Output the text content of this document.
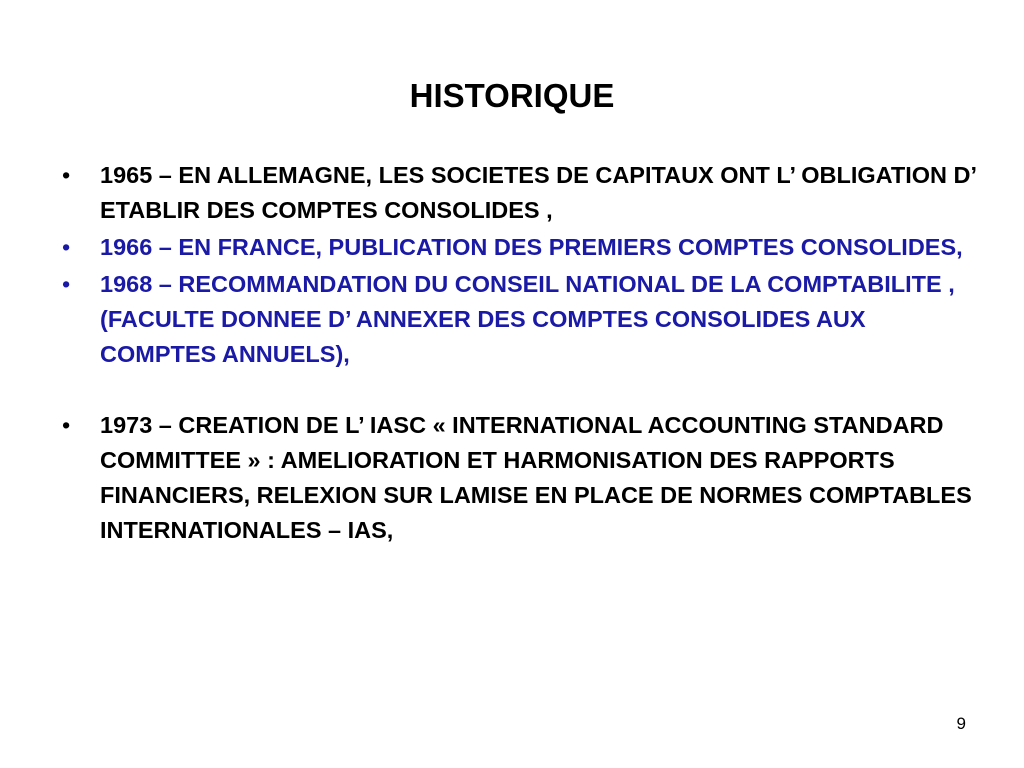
HISTORIQUE
• 1965 – EN ALLEMAGNE, LES SOCIETES DE CAPITAUX ONT L’ OBLIGATION D’ ETABLIR DES COMPTES CONSOLIDES ,
• 1966 – EN FRANCE, PUBLICATION DES PREMIERS COMPTES CONSOLIDES,
• 1968 – RECOMMANDATION DU CONSEIL NATIONAL DE LA COMPTABILITE , (FACULTE DONNEE D’ ANNEXER DES COMPTES CONSOLIDES AUX COMPTES ANNUELS),
• 1973 – CREATION DE L’ IASC « INTERNATIONAL ACCOUNTING STANDARD COMMITTEE » : AMELIORATION ET HARMONISATION DES RAPPORTS FINANCIERS, RELEXION SUR LAMISE EN PLACE DE NORMES COMPTABLES INTERNATIONALES – IAS,
9
